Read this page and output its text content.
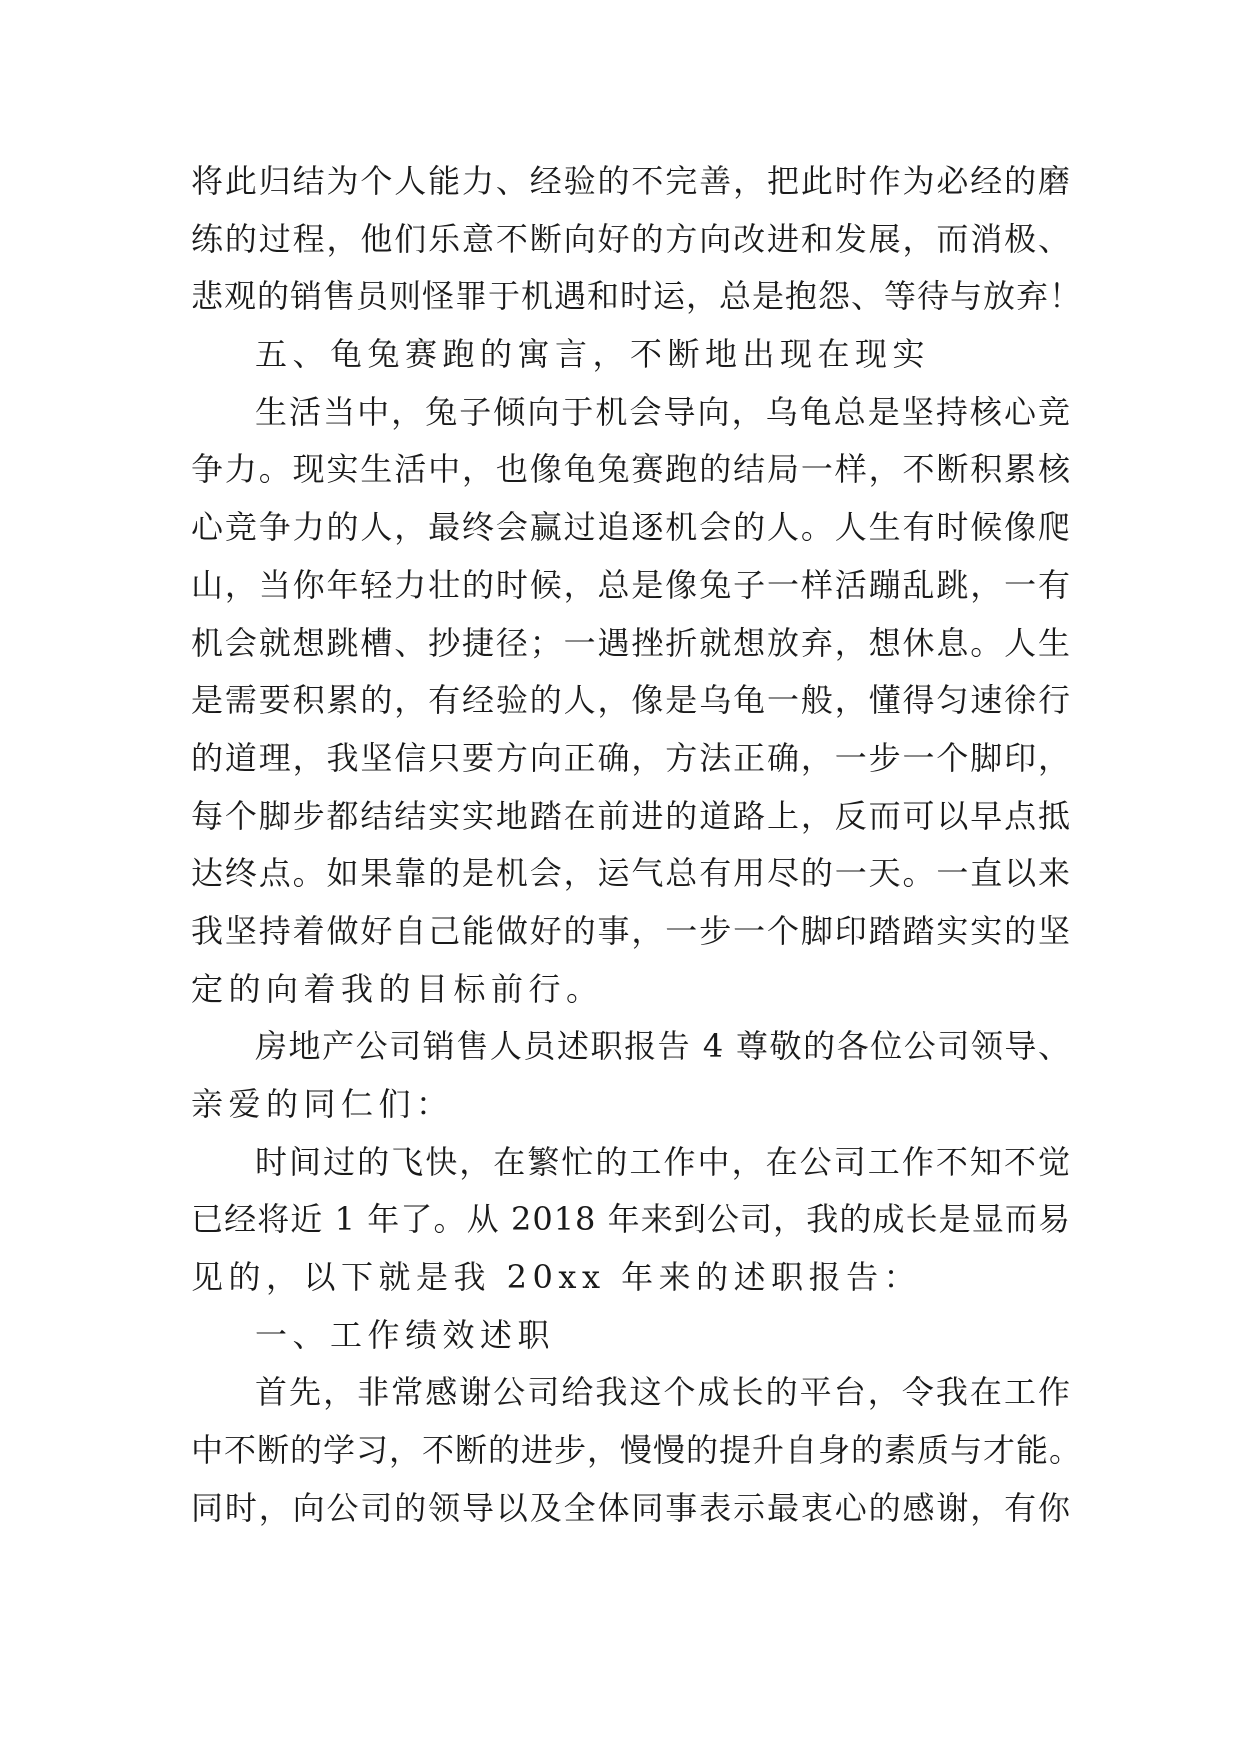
将此归结为个人能力、经验的不完善，把此时作为必经的磨
练的过程，他们乐意不断向好的方向改进和发展，而消极、
悲观的销售员则怪罪于机遇和时运，总是抱怨、等待与放弃！
五、龟兔赛跑的寓言，不断地出现在现实
生活当中，兔子倾向于机会导向，乌龟总是坚持核心竞
争力。现实生活中，也像龟兔赛跑的结局一样，不断积累核
心竞争力的人，最终会赢过追逐机会的人。人生有时候像爬
山，当你年轻力壮的时候，总是像兔子一样活蹦乱跳，一有
机会就想跳槽、抄捷径；一遇挫折就想放弃，想休息。人生
是需要积累的，有经验的人，像是乌龟一般，懂得匀速徐行
的道理，我坚信只要方向正确，方法正确，一步一个脚印，
每个脚步都结结实实地踏在前进的道路上，反而可以早点抵
达终点。如果靠的是机会，运气总有用尽的一天。一直以来
我坚持着做好自己能做好的事，一步一个脚印踏踏实实的坚
定的向着我的目标前行。
房地产公司销售人员述职报告 4 尊敬的各位公司领导、
亲爱的同仁们：
时间过的飞快，在繁忙的工作中，在公司工作不知不觉
已经将近 1 年了。从 2018 年来到公司，我的成长是显而易
见的，以下就是我 20xx 年来的述职报告：
一、工作绩效述职
首先，非常感谢公司给我这个成长的平台，令我在工作
中不断的学习，不断的进步，慢慢的提升自身的素质与才能。
同时，向公司的领导以及全体同事表示最衷心的感谢，有你
